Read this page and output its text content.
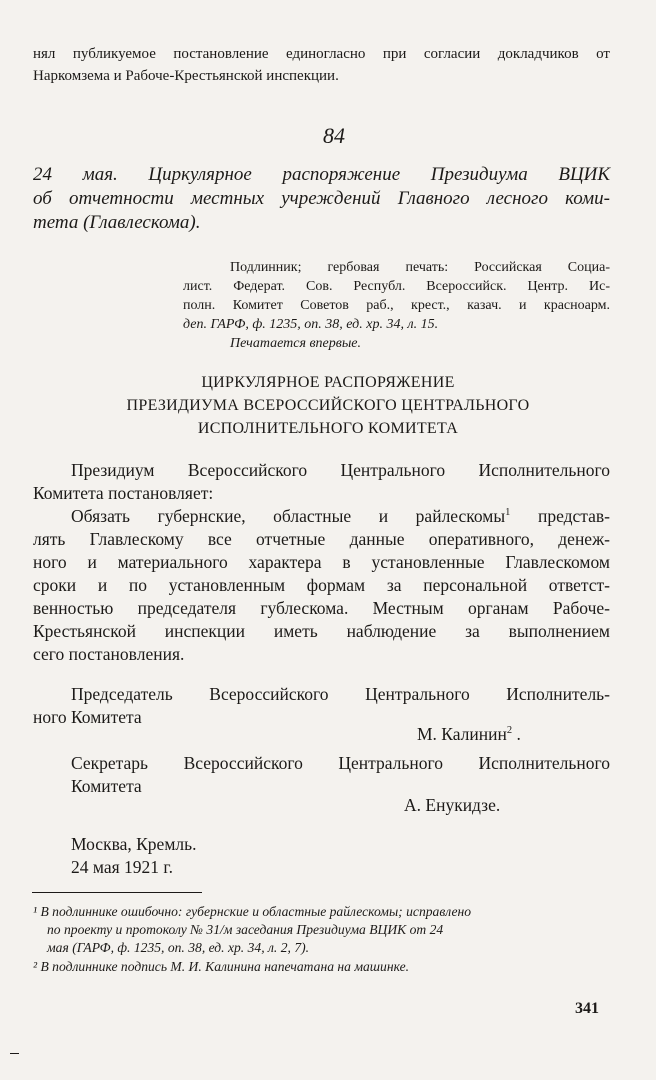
нял публикуемое постановление единогласно при согласии докладчиков от
Наркомзема и Рабоче-Крестьянской инспекции.
84
24 мая. Циркулярное распоряжение Президиума ВЦИК
об отчетности местных учреждений Главного лесного коми-
тета (Главлескома).
Подлинник; гербовая печать: Российская Социа-
лист. Федерат. Сов. Республ. Всероссийск. Центр. Ис-
полн. Комитет Советов раб., крест., казач. и красноарм.
деп. ГАРФ, ф. 1235, оп. 38, ед. хр. 34, л. 15.
Печатается впервые.
ЦИРКУЛЯРНОЕ РАСПОРЯЖЕНИЕ
ПРЕЗИДИУМА ВСЕРОССИЙСКОГО ЦЕНТРАЛЬНОГО
ИСПОЛНИТЕЛЬНОГО КОМИТЕТА
Президиум Всероссийского Центрального Исполнительного
Комитета постановляет:
Обязать губернские, областные и райлескомы$^1$ представ-
лять Главлескому все отчетные данные оперативного, денеж-
ного и материального характера в установленные Главлескомом
сроки и по установленным формам за персональной ответст-
венностью председателя гублескома. Местным органам Рабоче-
Крестьянской инспекции иметь наблюдение за выполнением
сего постановления.
Председатель Всероссийского Центрального Исполнитель-
ного Комитета
М. Калинин$^2$ .
Секретарь Всероссийского Центрального Исполнительного
Комитета
А. Енукидзе.
Москва, Кремль.
24 мая 1921 г.
¹ В подлиннике ошибочно: губернские и областные райлескомы; исправлено
по проекту и протоколу № 31/м заседания Президиума ВЦИК от 24
мая (ГАРФ, ф. 1235, оп. 38, ед. хр. 34, л. 2, 7).
² В подлиннике подпись М. И. Калинина напечатана на машинке.
341
